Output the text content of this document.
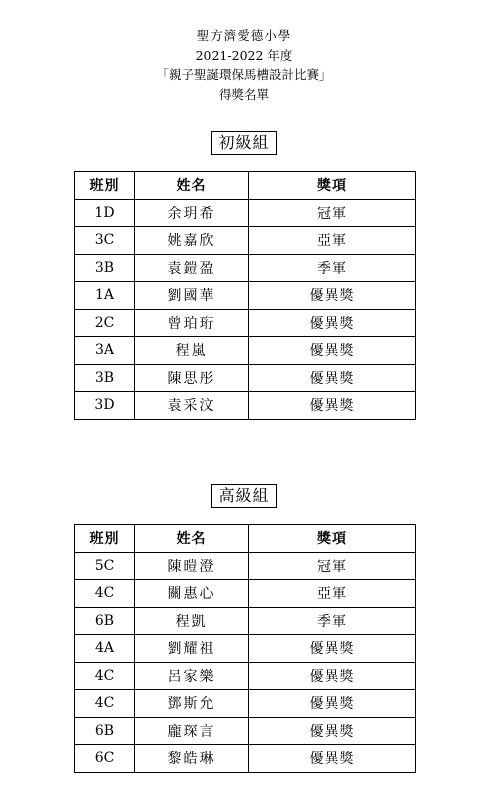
聖方濟愛德小學
2021-2022 年度
「親子聖誕環保馬槽設計比賽」
得獎名單
初級組
班別	姓名	獎項
1D	余玥希	冠軍
3C	姚嘉欣	亞軍
3B	袁鎧盈	季軍
1A	劉國華	優異獎
2C	曾珀珩	優異獎
3A	程嵐	優異獎
3B	陳思彤	優異獎
3D	袁采汶	優異獎
高級組
班別	姓名	獎項
5C	陳暟澄	冠軍
4C	關惠心	亞軍
6B	程凱	季軍
4A	劉耀祖	優異獎
4C	呂家樂	優異獎
4C	鄧斯允	優異獎
6B	龐琛言	優異獎
6C	黎皓琳	優異獎
